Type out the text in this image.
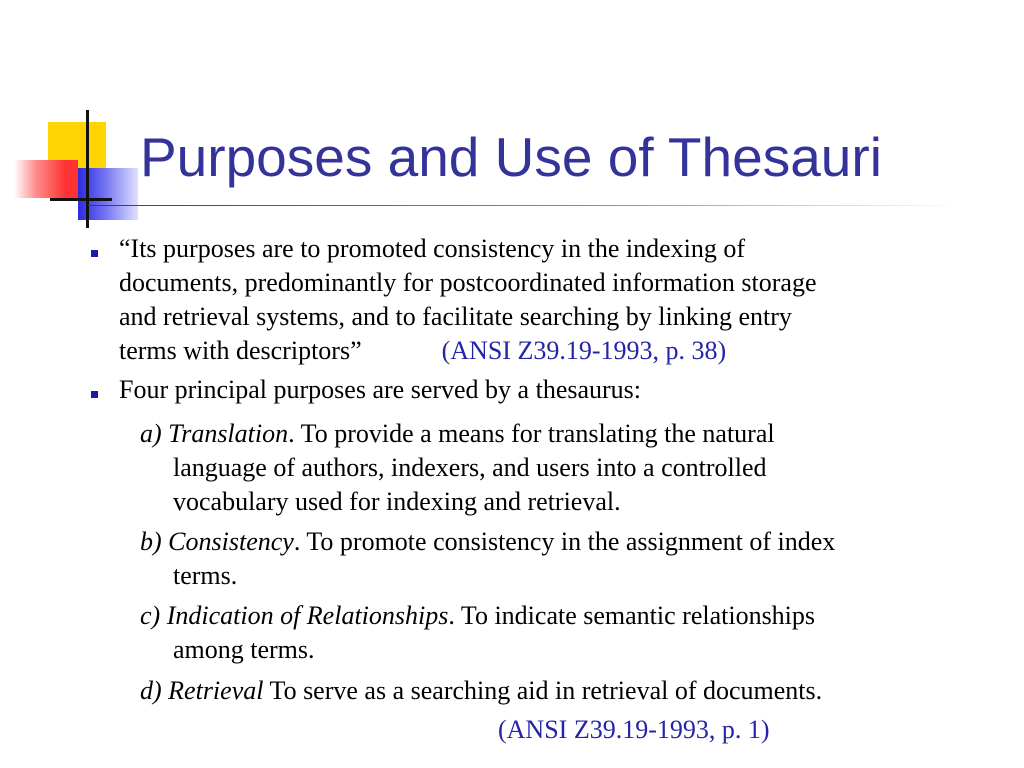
Purposes and Use of Thesauri
“Its purposes are to promoted consistency in the indexing of
documents, predominantly for postcoordinated information storage
and retrieval systems, and to facilitate searching by linking entry
terms with descriptors”	(ANSI Z39.19-1993, p. 38)
Four principal purposes are served by a thesaurus:
a) Translation. To provide a means for translating the natural
language of authors, indexers, and users into a controlled
vocabulary used for indexing and retrieval.
b) Consistency. To promote consistency in the assignment of index
terms.
c) Indication of Relationships. To indicate semantic relationships
among terms.
d) Retrieval To serve as a searching aid in retrieval of documents.
(ANSI Z39.19-1993, p. 1)
